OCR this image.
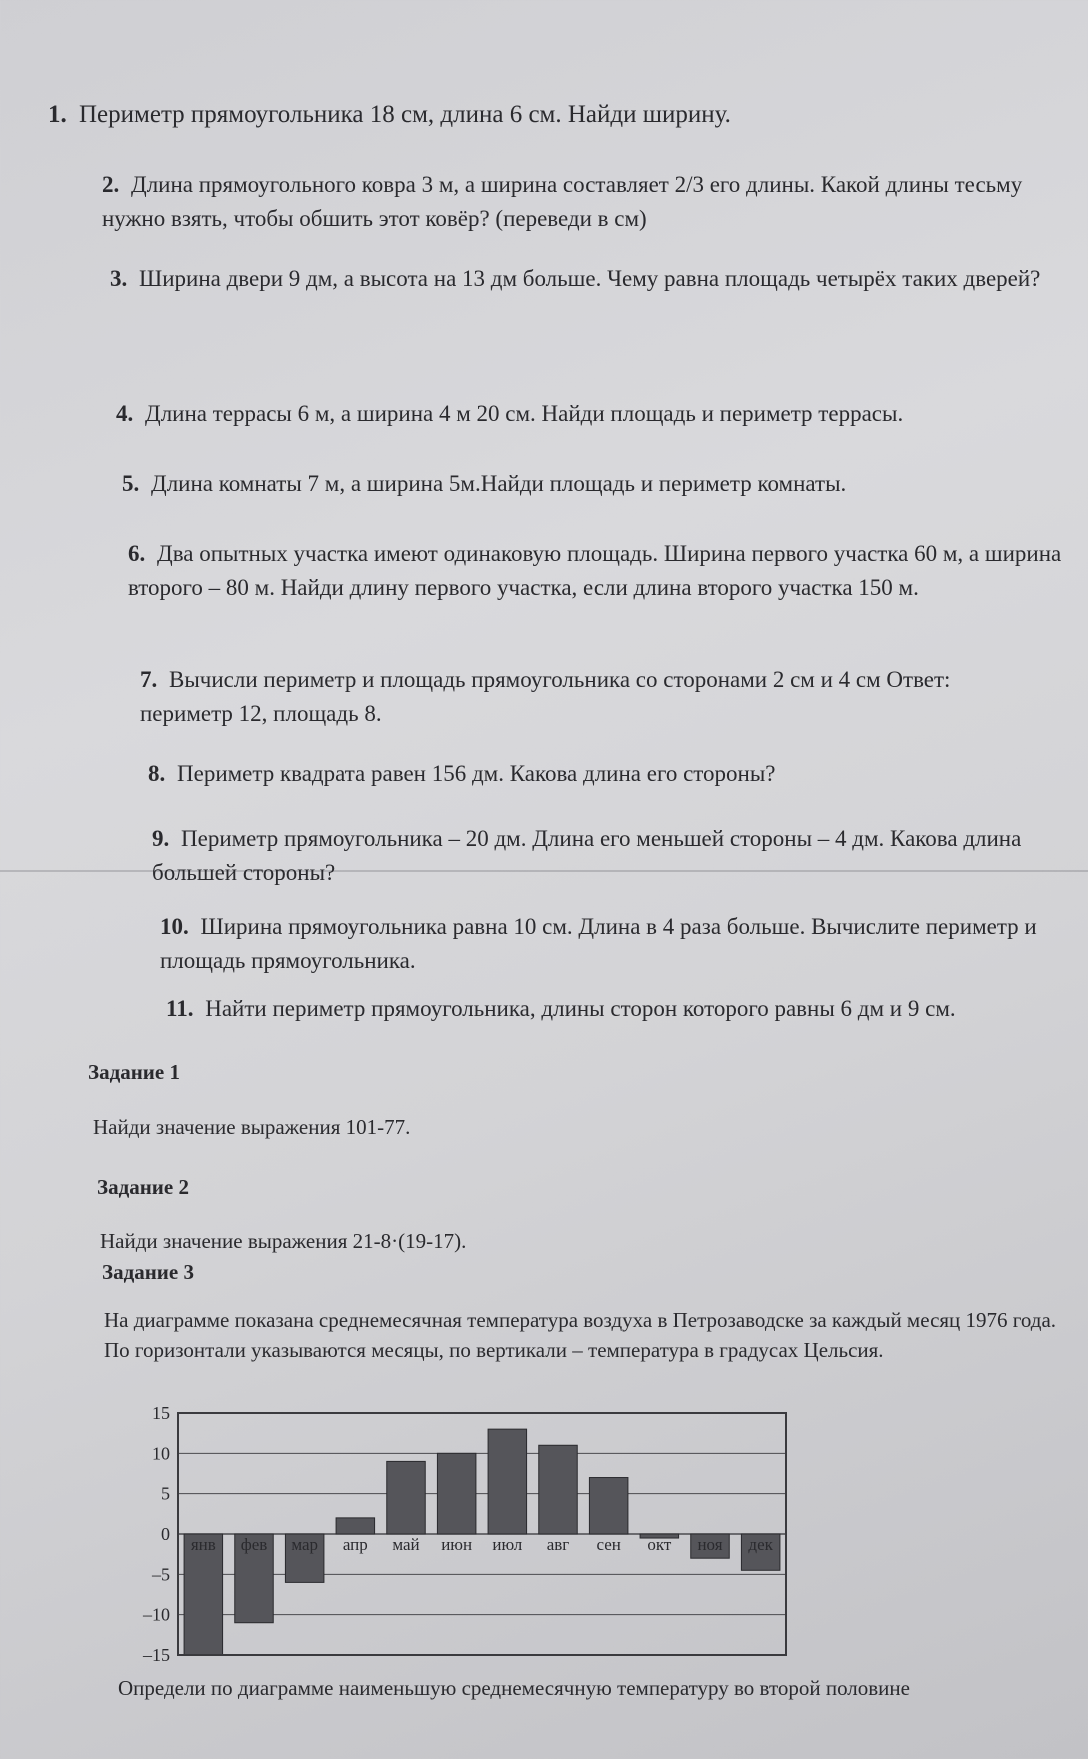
1. Периметр прямоугольника 18 см, длина 6 см. Найди ширину.
2. Длина прямоугольного ковра 3 м, а ширина составляет 2/3 его длины. Какой длины тесьму нужно взять, чтобы обшить этот ковёр? (переведи в см)
3. Ширина двери 9 дм, а высота на 13 дм больше. Чему равна площадь четырёх таких дверей?
4. Длина террасы 6 м, а ширина 4 м 20 см. Найди площадь и периметр террасы.
5. Длина комнаты 7 м, а ширина 5м.Найди площадь и периметр комнаты.
6. Два опытных участка имеют одинаковую площадь. Ширина первого участка 60 м, а ширина второго – 80 м. Найди длину первого участка, если длина второго участка 150 м.
7. Вычисли периметр и площадь прямоугольника со сторонами 2 см и 4 см Ответ: периметр 12, площадь 8.
8. Периметр квадрата равен 156 дм. Какова длина его стороны?
9. Периметр прямоугольника – 20 дм. Длина его меньшей стороны – 4 дм. Какова длина большей стороны?
10. Ширина прямоугольника равна 10 см. Длина в 4 раза больше. Вычислите периметр и площадь прямоугольника.
11. Найти периметр прямоугольника, длины сторон которого равны 6 дм и 9 см.
Задание 1
Найди значение выражения 101-77.
Задание 2
Найди значение выражения 21-8·(19-17).
Задание 3
На диаграмме показана среднемесячная температура воздуха в Петрозаводске за каждый месяц 1976 года. По горизонтали указываются месяцы, по вертикали – температура в градусах Цельсия.
янв фев мар апр май июн июл авг сен окт ноя дек
15
10
5
0
–5
–10
–15
Определи по диаграмме наименьшую среднемесячную температуру во второй половине
